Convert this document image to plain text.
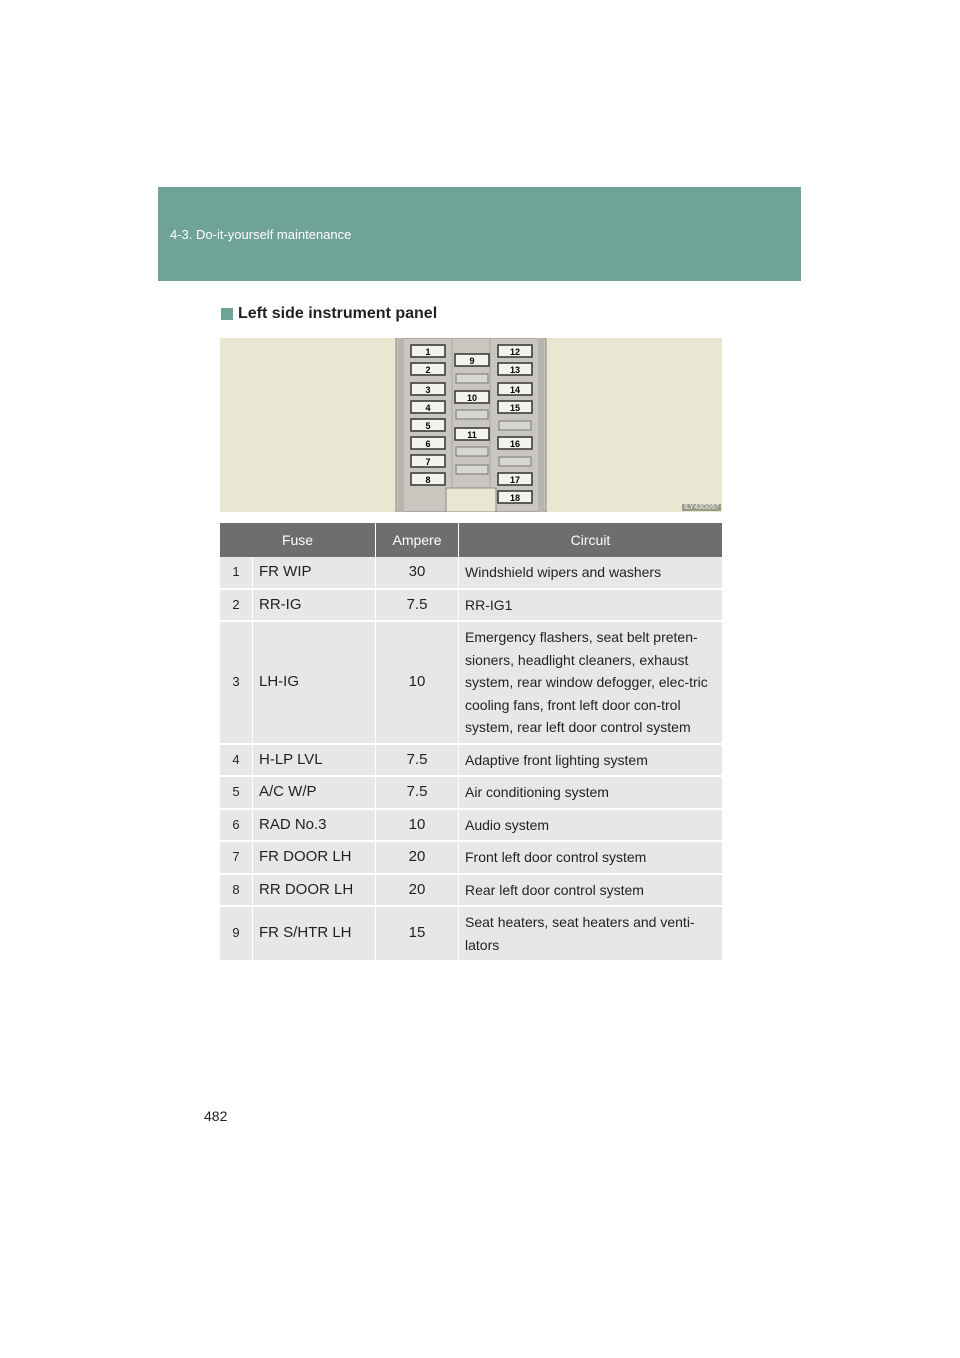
4-3. Do-it-yourself maintenance
Left side instrument panel
1
2
3
4
5
6
7
8
9
10
11
12
13
14
15
16
17
18
ILY43G057
Fuse		Ampere	Circuit
1	FR WIP	30	Windshield wipers and washers
2	RR-IG	7.5	RR-IG1
3	LH-IG	10	Emergency flashers, seat belt preten-sioners, headlight cleaners, exhaust system, rear window defogger, elec-tric cooling fans, front left door con-trol system, rear left door control system
4	H-LP LVL	7.5	Adaptive front lighting system
5	A/C W/P	7.5	Air conditioning system
6	RAD No.3	10	Audio system
7	FR DOOR LH	20	Front left door control system
8	RR DOOR LH	20	Rear left door control system
9	FR S/HTR LH	15	Seat heaters, seat heaters and venti-lators
482
